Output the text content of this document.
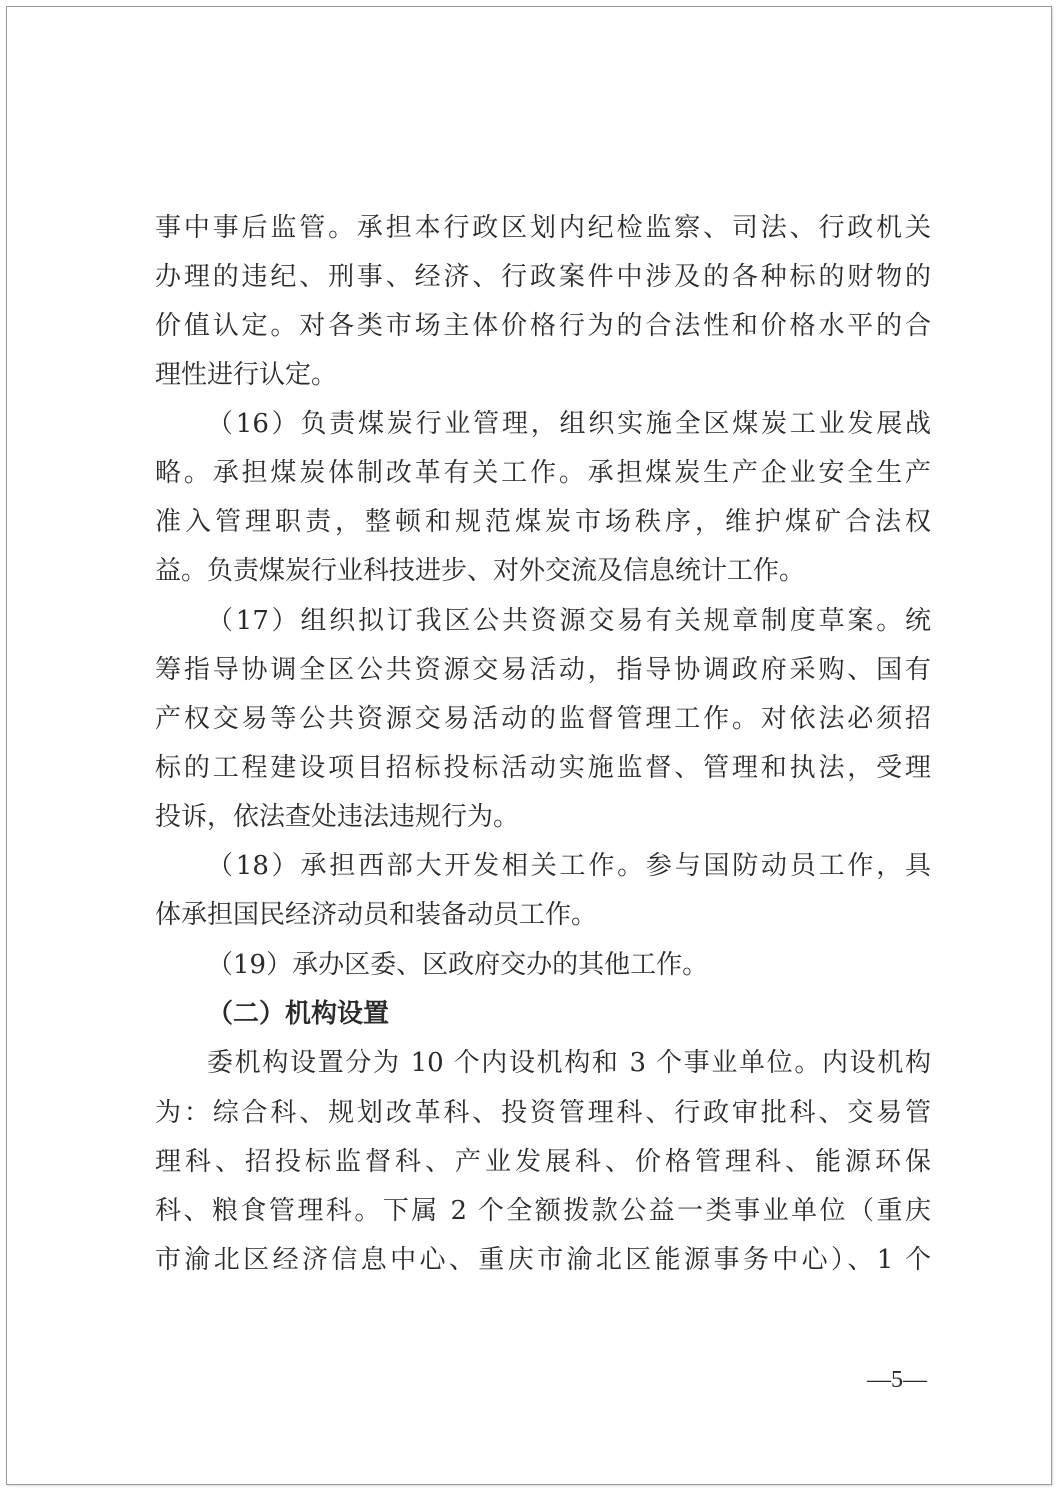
事中事后监管。承担本行政区划内纪检监察、司法、行政机关
办理的违纪、刑事、经济、行政案件中涉及的各种标的财物的
价值认定。对各类市场主体价格行为的合法性和价格水平的合
理性进行认定。
（16）负责煤炭行业管理，组织实施全区煤炭工业发展战
略。承担煤炭体制改革有关工作。承担煤炭生产企业安全生产
准入管理职责，整顿和规范煤炭市场秩序，维护煤矿合法权
益。负责煤炭行业科技进步、对外交流及信息统计工作。
（17）组织拟订我区公共资源交易有关规章制度草案。统
筹指导协调全区公共资源交易活动，指导协调政府采购、国有
产权交易等公共资源交易活动的监督管理工作。对依法必须招
标的工程建设项目招标投标活动实施监督、管理和执法，受理
投诉，依法查处违法违规行为。
（18）承担西部大开发相关工作。参与国防动员工作，具
体承担国民经济动员和装备动员工作。
（19）承办区委、区政府交办的其他工作。
（二）机构设置
委机构设置分为 10 个内设机构和 3 个事业单位。内设机构
为：综合科、规划改革科、投资管理科、行政审批科、交易管
理科、招投标监督科、产业发展科、价格管理科、能源环保
科、粮食管理科。下属 2 个全额拨款公益一类事业单位（重庆
市渝北区经济信息中心、重庆市渝北区能源事务中心）、1 个
—5—
